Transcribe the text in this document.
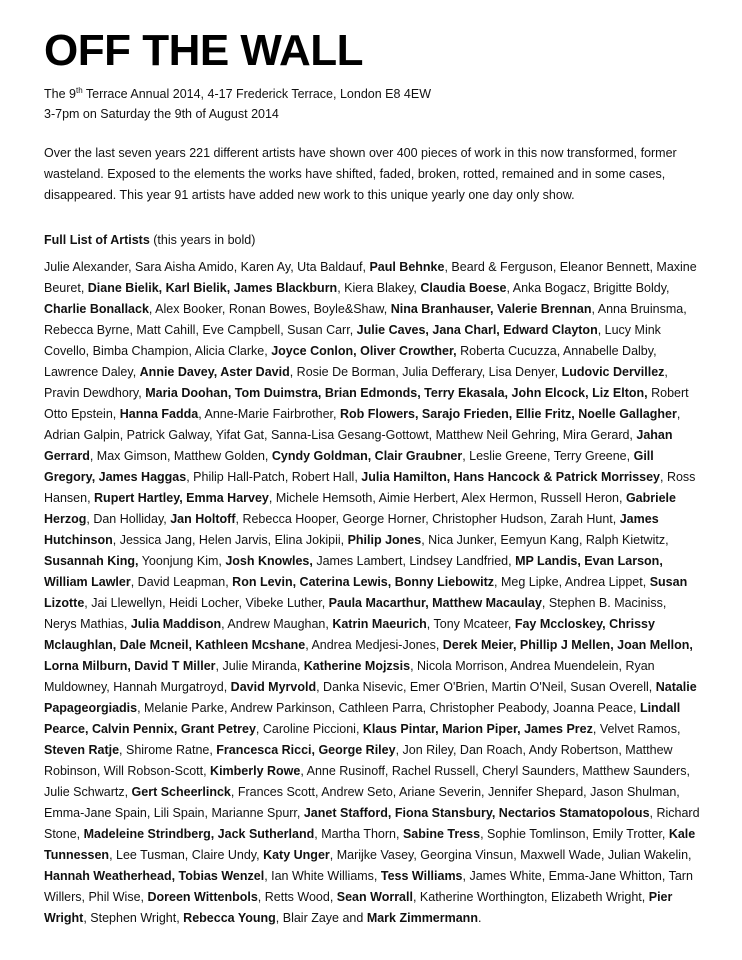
OFF THE WALL
The 9th Terrace Annual 2014, 4-17 Frederick Terrace, London E8 4EW
3-7pm on Saturday the 9th of August 2014

Over the last seven years 221 different artists have shown over 400 pieces of work in this now transformed, former wasteland. Exposed to the elements the works have shifted, faded, broken, rotted, remained and in some cases, disappeared. This year 91 artists have added new work to this unique yearly one day only show.

Full List of Artists (this years in bold)
Julie Alexander, Sara Aisha Amido, Karen Ay, Uta Baldauf, Paul Behnke, Beard & Ferguson, Eleanor Bennett, Maxine Beuret, Diane Bielik, Karl Bielik, James Blackburn, Kiera Blakey, Claudia Boese, Anka Bogacz, Brigitte Boldy, Charlie Bonallack, Alex Booker, Ronan Bowes, Boyle&Shaw, Nina Branhauser, Valerie Brennan, Anna Bruinsma, Rebecca Byrne, Matt Cahill, Eve Campbell, Susan Carr, Julie Caves, Jana Charl, Edward Clayton, Lucy Mink Covello, Bimba Champion, Alicia Clarke, Joyce Conlon, Oliver Crowther, Roberta Cucuzza, Annabelle Dalby, Lawrence Daley, Annie Davey, Aster David, Rosie De Borman, Julia Defferary, Lisa Denyer, Ludovic Dervillez, Pravin Dewdhory, Maria Doohan, Tom Duimstra, Brian Edmonds, Terry Ekasala, John Elcock, Liz Elton, Robert Otto Epstein, Hanna Fadda, Anne-Marie Fairbrother, Rob Flowers, Sarajo Frieden, Ellie Fritz, Noelle Gallagher, Adrian Galpin, Patrick Galway, Yifat Gat, Sanna-Lisa Gesang-Gottowt, Matthew Neil Gehring, Mira Gerard, Jahan Gerrard, Max Gimson, Matthew Golden, Cyndy Goldman, Clair Graubner, Leslie Greene, Terry Greene, Gill Gregory, James Haggas, Philip Hall-Patch, Robert Hall, Julia Hamilton, Hans Hancock & Patrick Morrissey, Ross Hansen, Rupert Hartley, Emma Harvey, Michele Hemsoth, Aimie Herbert, Alex Hermon, Russell Heron, Gabriele Herzog, Dan Holliday, Jan Holtoff, Rebecca Hooper, George Horner, Christopher Hudson, Zarah Hunt, James Hutchinson, Jessica Jang, Helen Jarvis, Elina Jokipii, Philip Jones, Nica Junker, Eemyun Kang, Ralph Kietwitz, Susannah King, Yoonjung Kim, Josh Knowles, James Lambert, Lindsey Landfried, MP Landis, Evan Larson, William Lawler, David Leapman, Ron Levin, Caterina Lewis, Bonny Liebowitz, Meg Lipke, Andrea Lippet, Susan Lizotte, Jai Llewellyn, Heidi Locher, Vibeke Luther, Paula Macarthur, Matthew Macaulay, Stephen B. Maciniss, Nerys Mathias, Julia Maddison, Andrew Maughan, Katrin Maeurich, Tony Mcateer, Fay Mccloskey, Chrissy Mclaughlan, Dale Mcneil, Kathleen Mcshane, Andrea Medjesi-Jones, Derek Meier, Phillip J Mellen, Joan Mellon, Lorna Milburn, David T Miller, Julie Miranda, Katherine Mojzsis, Nicola Morrison, Andrea Muendelein, Ryan Muldowney, Hannah Murgatroyd, David Myrvold, Danka Nisevic, Emer O'Brien, Martin O'Neil, Susan Overell, Natalie Papageorgiadis, Melanie Parke, Andrew Parkinson, Cathleen Parra, Christopher Peabody, Joanna Peace, Lindall Pearce, Calvin Pennix, Grant Petrey, Caroline Piccioni, Klaus Pintar, Marion Piper, James Prez, Velvet Ramos, Steven Ratje, Shirome Ratne, Francesca Ricci, George Riley, Jon Riley, Dan Roach, Andy Robertson, Matthew Robinson, Will Robson-Scott, Kimberly Rowe, Anne Rusinoff, Rachel Russell, Cheryl Saunders, Matthew Saunders, Julie Schwartz, Gert Scheerlinck, Frances Scott, Andrew Seto, Ariane Severin, Jennifer Shepard, Jason Shulman, Emma-Jane Spain, Lili Spain, Marianne Spurr, Janet Stafford, Fiona Stansbury, Nectarios Stamatopolous, Richard Stone, Madeleine Strindberg, Jack Sutherland, Martha Thorn, Sabine Tress, Sophie Tomlinson, Emily Trotter, Kale Tunnessen, Lee Tusman, Claire Undy, Katy Unger, Marijke Vasey, Georgina Vinsun, Maxwell Wade, Julian Wakelin, Hannah Weatherhead, Tobias Wenzel, Ian White Williams, Tess Williams, James White, Emma-Jane Whitton, Tarn Willers, Phil Wise, Doreen Wittenbols, Retts Wood, Sean Worrall, Katherine Worthington, Elizabeth Wright, Pier Wright, Stephen Wright, Rebecca Young, Blair Zaye and Mark Zimmermann.
